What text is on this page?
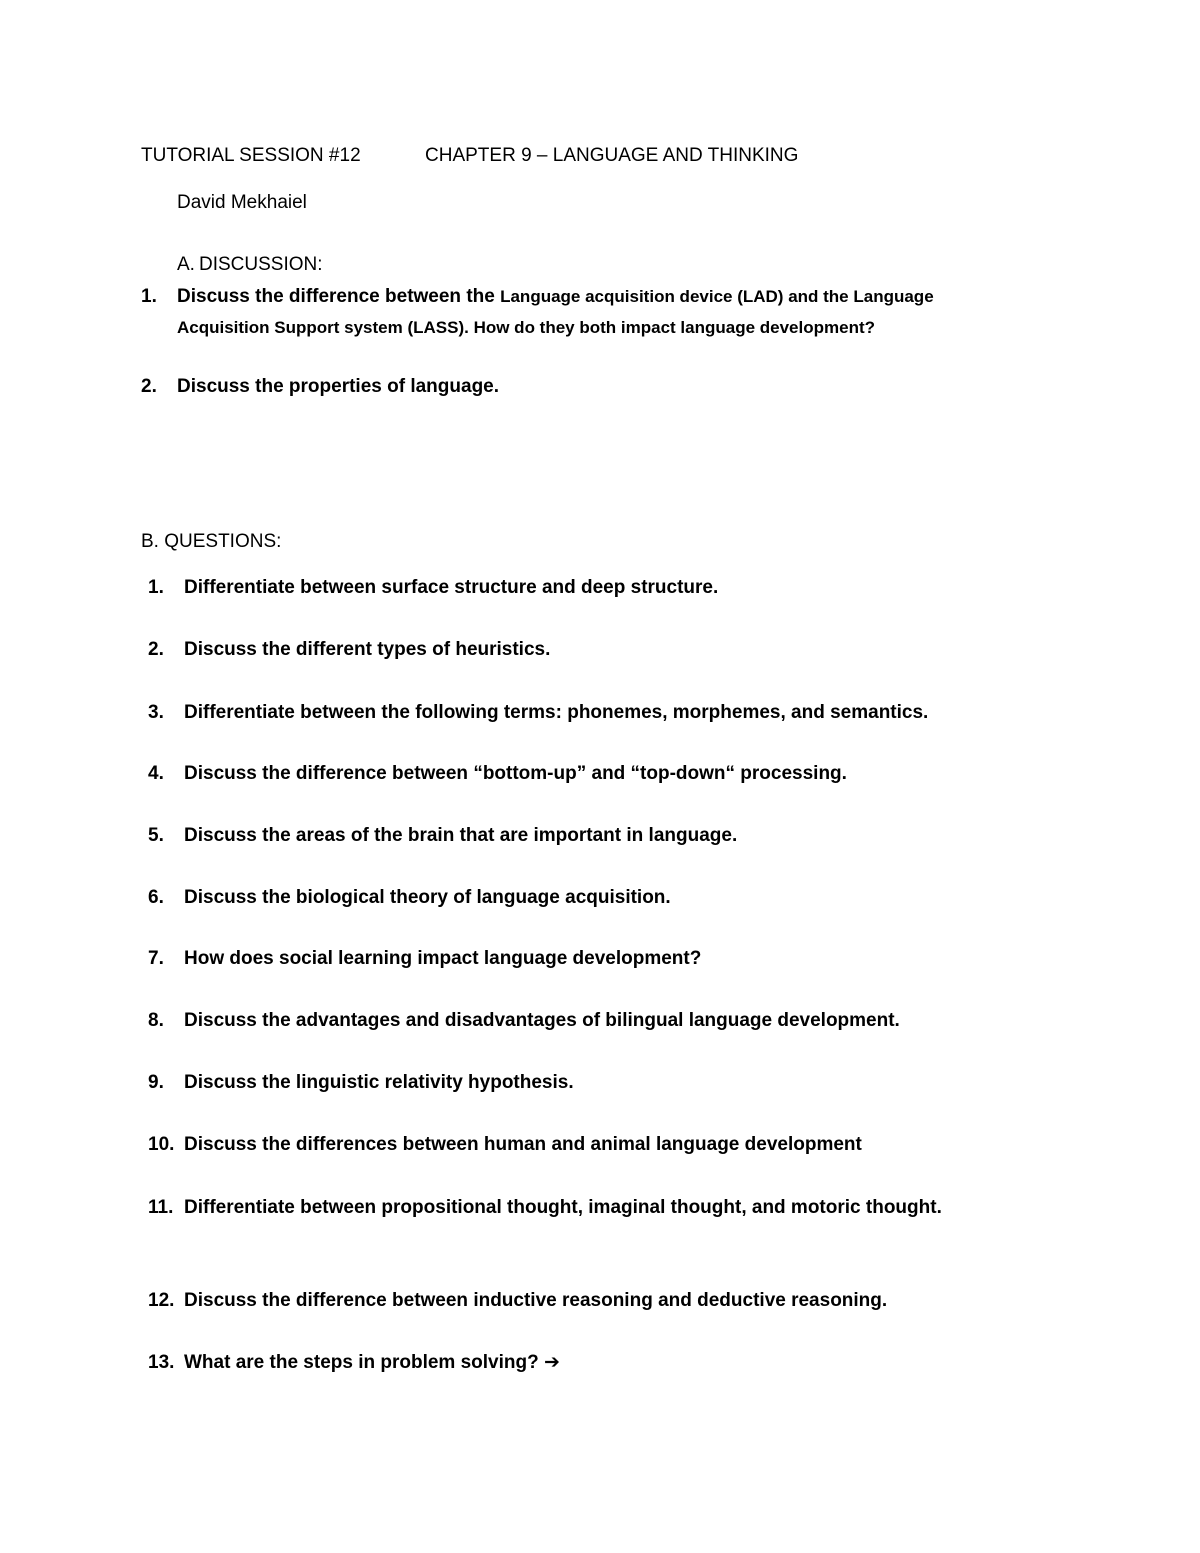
TUTORIAL SESSION #12	CHAPTER 9 – LANGUAGE AND THINKING
David Mekhaiel
A. DISCUSSION:
1. Discuss the difference between the Language acquisition device (LAD) and the Language
Acquisition Support system (LASS). How do they both impact language development?
2. Discuss the properties of language.
B. QUESTIONS:
1. Differentiate between surface structure and deep structure.
2. Discuss the different types of heuristics.
3. Differentiate between the following terms: phonemes, morphemes, and semantics.
4. Discuss the difference between “bottom-up” and “top-down“ processing.
5. Discuss the areas of the brain that are important in language.
6. Discuss the biological theory of language acquisition.
7. How does social learning impact language development?
8. Discuss the advantages and disadvantages of bilingual language development.
9. Discuss the linguistic relativity hypothesis.
10. Discuss the differences between human and animal language development
11. Differentiate between propositional thought, imaginal thought, and motoric thought.
12. Discuss the difference between inductive reasoning and deductive reasoning.
13. What are the steps in problem solving? ➔
